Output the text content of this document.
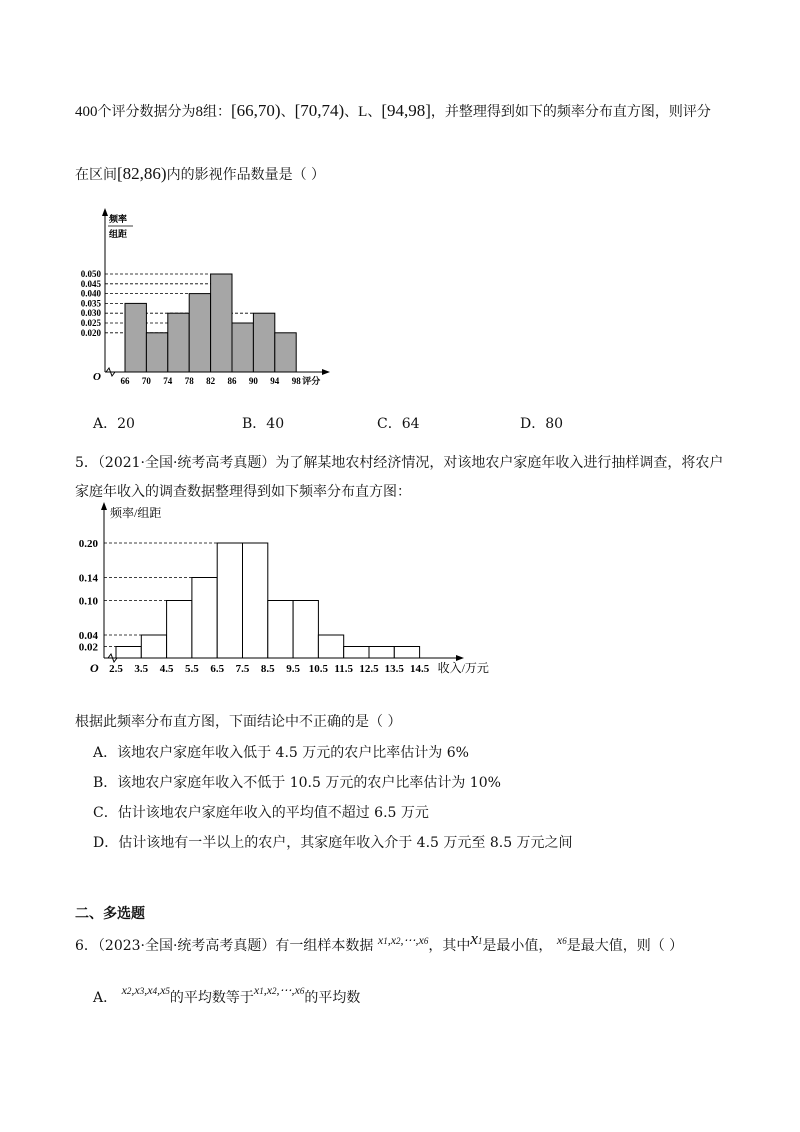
400个评分数据分为8组：[66,70)、[70,74)、L、[94,98]，并整理得到如下的频率分布直方图，则评分
在区间[82,86)内的影视作品数量是（ ）
0.050
0.045
0.040
0.035
0.030
0.025
0.020
66 70 74 78 82 86 90 94 98 评分
O
频率
组距
A．20	B．40	C．64	D．80
5．（2021·全国·统考高考真题）为了解某地农村经济情况，对该地农户家庭年收入进行抽样调查，将农户
家庭年收入的调查数据整理得到如下频率分布直方图：
0.20
0.14
0.10
0.04
0.02
2.5 3.5 4.5 5.5 6.5 7.5 8.5 9.5 10.5 11.5 12.5 13.5 14.5 收入/万元
O
频率/组距
根据此频率分布直方图，下面结论中不正确的是（ ）
A．该地农户家庭年收入低于 4.5 万元的农户比率估计为 6%
B．该地农户家庭年收入不低于 10.5 万元的农户比率估计为 10%
C．估计该地农户家庭年收入的平均值不超过 6.5 万元
D．估计该地有一半以上的农户，其家庭年收入介于 4.5 万元至 8.5 万元之间
二、多选题
6．（2023·全国·统考高考真题）有一组样本数据 x1,x2,⋯,x6，其中x1是最小值， x6是最大值，则（ ）
A． x2,x3,x4,x5的平均数等于x1,x2,⋯,x6的平均数
